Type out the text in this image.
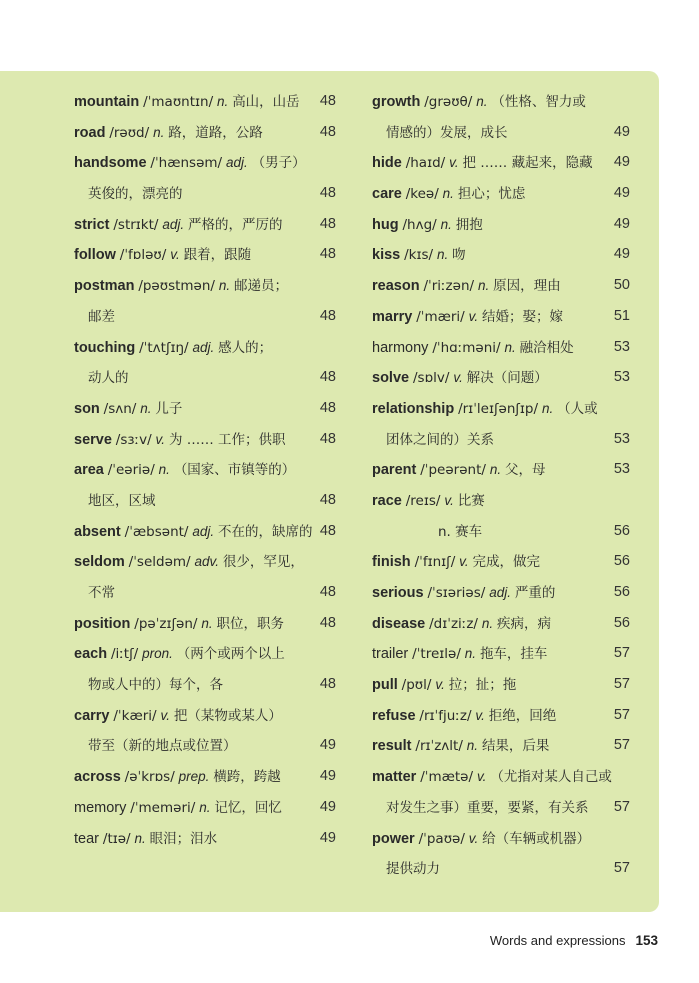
mountain /ˈmaʊntɪn/ n. 高山，山岳 48
road /rəʊd/ n. 路，道路，公路	48
handsome /ˈhænsəm/ adj. （男子）
英俊的，漂亮的	48
strict /strɪkt/ adj. 严格的，严厉的	48
follow /ˈfɒləʊ/ v. 跟着，跟随	48
postman /pəʊstmən/ n. 邮递员；
邮差	48
touching /ˈtʌtʃɪŋ/ adj. 感人的；
动人的	48
son /sʌn/ n. 儿子	48
serve /sɜːv/ v. 为 …… 工作；供职 48
area /ˈeəriə/ n. （国家、市镇等的）
地区，区域	48
absent /ˈæbsənt/ adj. 不在的，缺席的 48
seldom /ˈseldəm/ adv. 很少，罕见，
不常	48
position /pəˈzɪʃən/ n. 职位，职务 48
each /iːtʃ/ pron. （两个或两个以上
物或人中的）每个，各	48
carry /ˈkæri/ v. 把（某物或某人）
带至（新的地点或位置）	49
across /əˈkrɒs/ prep. 横跨，跨越	49
memory /ˈmeməri/ n. 记忆，回忆	49
tear /tɪə/ n. 眼泪；泪水	49
growth /grəʊθ/ n. （性格、智力或
情感的）发展，成长	49
hide /haɪd/ v. 把 …… 藏起来，隐藏 49
care /keə/ n. 担心；忧虑	49
hug /hʌg/ n. 拥抱	49
kiss /kɪs/ n. 吻	49
reason /ˈriːzən/ n. 原因，理由	50
marry /ˈmæri/ v. 结婚；娶；嫁	51
harmony /ˈhɑːməni/ n. 融洽相处	53
solve /sɒlv/ v. 解决（问题）	53
relationship /rɪˈleɪʃənʃɪp/ n. （人或
团体之间的）关系	53
parent /ˈpeərənt/ n. 父，母	53
race /reɪs/ v. 比赛
n. 赛车	56
finish /ˈfɪnɪʃ/ v. 完成，做完	56
serious /ˈsɪəriəs/ adj. 严重的	56
disease /dɪˈziːz/ n. 疾病，病	56
trailer /ˈtreɪlə/ n. 拖车，挂车	57
pull /pʊl/ v. 拉；扯；拖	57
refuse /rɪˈfjuːz/ v. 拒绝，回绝	57
result /rɪˈzʌlt/ n. 结果，后果	57
matter /ˈmætə/ v. （尤指对某人自己或
对发生之事）重要，要紧，有关系 57
power /ˈpaʊə/ v. 给（车辆或机器）
提供动力	57
Words and expressions 153
